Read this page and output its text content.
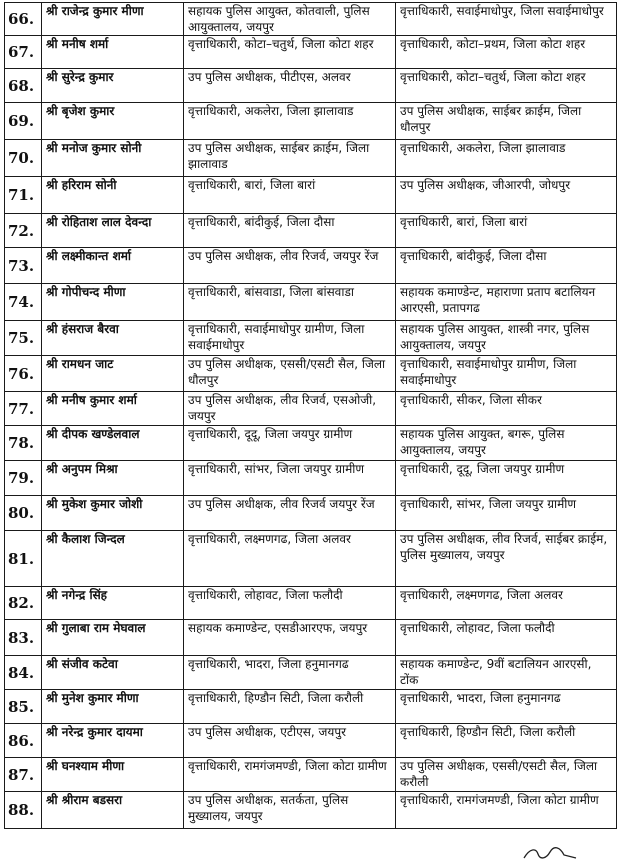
66.	श्री राजेन्द्र कुमार मीणा	सहायक पुलिस आयुक्त, कोतवाली, पुलिस आयुक्तालय, जयपुर	वृत्ताधिकारी, सवाईमाधोपुर, जिला सवाईमाधोपुर
67.	श्री मनीष शर्मा	वृत्ताधिकारी, कोटा–चतुर्थ, जिला कोटा शहर	वृत्ताधिकारी, कोटा–प्रथम, जिला कोटा शहर
68.	श्री सुरेन्द्र कुमार	उप पुलिस अधीक्षक, पीटीएस, अलवर	वृत्ताधिकारी, कोटा–चतुर्थ, जिला कोटा शहर
69.	श्री बृजेश कुमार	वृत्ताधिकारी, अकलेरा, जिला झालावाड	उप पुलिस अधीक्षक, साईबर क्राईम, जिला धौलपुर
70.	श्री मनोज कुमार सोनी	उप पुलिस अधीक्षक, साईबर क्राईम, जिला झालावाड	वृत्ताधिकारी, अकलेरा, जिला झालावाड
71.	श्री हरिराम सोनी	वृत्ताधिकारी, बारां, जिला बारां	उप पुलिस अधीक्षक, जीआरपी, जोधपुर
72.	श्री रोहिताश लाल देवन्दा	वृत्ताधिकारी, बांदीकुई, जिला दौसा	वृत्ताधिकारी, बारां, जिला बारां
73.	श्री लक्ष्मीकान्त शर्मा	उप पुलिस अधीक्षक, लीव रिजर्व, जयपुर रेंज	वृत्ताधिकारी, बांदीकुई, जिला दौसा
74.	श्री गोपीचन्द मीणा	वृत्ताधिकारी, बांसवाडा, जिला बांसवाडा	सहायक कमाण्डेन्ट, महाराणा प्रताप बटालियन आरएसी, प्रतापगढ
75.	श्री हंसराज बैरवा	वृत्ताधिकारी, सवाईमाधोपुर ग्रामीण, जिला सवाईमाधोपुर	सहायक पुलिस आयुक्त, शास्त्री नगर, पुलिस आयुक्तालय, जयपुर
76.	श्री रामधन जाट	उप पुलिस अधीक्षक, एससी/एसटी सैल, जिला धौलपुर	वृत्ताधिकारी, सवाईमाधोपुर ग्रामीण, जिला सवाईमाधोपुर
77.	श्री मनीष कुमार शर्मा	उप पुलिस अधीक्षक, लीव रिजर्व, एसओजी, जयपुर	वृत्ताधिकारी, सीकर, जिला सीकर
78.	श्री दीपक खण्डेलवाल	वृत्ताधिकारी, दूदू, जिला जयपुर ग्रामीण	सहायक पुलिस आयुक्त, बगरू, पुलिस आयुक्तालय, जयपुर
79.	श्री अनुपम मिश्रा	वृत्ताधिकारी, सांभर, जिला जयपुर ग्रामीण	वृत्ताधिकारी, दूदू, जिला जयपुर ग्रामीण
80.	श्री मुकेश कुमार जोशी	उप पुलिस अधीक्षक, लीव रिजर्व जयपुर रेंज	वृत्ताधिकारी, सांभर, जिला जयपुर ग्रामीण
81.	श्री कैलाश जिन्दल	वृत्ताधिकारी, लक्ष्मणगढ, जिला अलवर	उप पुलिस अधीक्षक, लीव रिजर्व, साईबर क्राईम, पुलिस मुख्यालय, जयपुर
82.	श्री नगेन्द्र सिंह	वृत्ताधिकारी, लोहावट, जिला फलौदी	वृत्ताधिकारी, लक्ष्मणगढ, जिला अलवर
83.	श्री गुलाबा राम मेघवाल	सहायक कमाण्डेन्ट, एसडीआरएफ, जयपुर	वृत्ताधिकारी, लोहावट, जिला फलौदी
84.	श्री संजीव कटेवा	वृत्ताधिकारी, भादरा, जिला हनुमानगढ	सहायक कमाण्डेन्ट, 9वीं बटालियन आरएसी, टोंक
85.	श्री मुनेश कुमार मीणा	वृत्ताधिकारी, हिण्डौन सिटी, जिला करौली	वृत्ताधिकारी, भादरा, जिला हनुमानगढ
86.	श्री नरेन्द्र कुमार दायमा	उप पुलिस अधीक्षक, एटीएस, जयपुर	वृत्ताधिकारी, हिण्डौन सिटी, जिला करौली
87.	श्री घनश्याम मीणा	वृत्ताधिकारी, रामगंजमण्डी, जिला कोटा ग्रामीण	उप पुलिस अधीक्षक, एससी/एसटी सैल, जिला करौली
88.	श्री श्रीराम बडसरा	उप पुलिस अधीक्षक, सतर्कता, पुलिस मुख्यालय, जयपुर	वृत्ताधिकारी, रामगंजमण्डी, जिला कोटा ग्रामीण
